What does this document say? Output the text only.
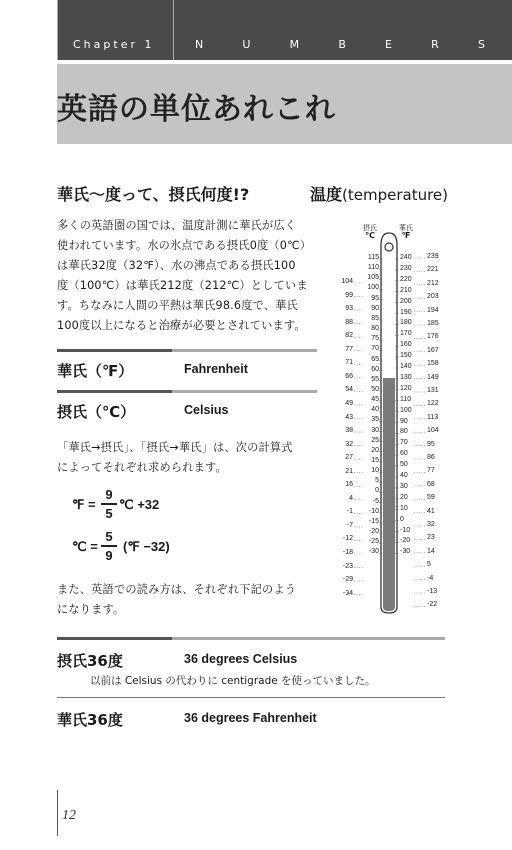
Chapter 1	N	U	M	B	E	R	S
英語の単位あれこれ
華氏〜度って、摂氏何度!?	温度(temperature)
多くの英語圏の国では、温度計測に華氏が広く
使われています。水の氷点である摂氏0度（0℃）
は華氏32度（32℉）、水の沸点である摂氏100
度（100℃）は華氏212度（212℃）としていま
す。ちなみに人間の平熱は華氏98.6度で、華氏
100度以上になると治療が必要とされています。
華氏（℉）	Fahrenheit
摂氏（℃）	Celsius
「華氏→摂氏」、「摂氏→華氏」は、次の計算式
によってそれぞれ求められます。
℉ =
9
5
℃ +32
℃ =
5
9
(℉ −32)
また、英語での読み方は、それぞれ下記のよう
になります。
摂氏36度	36 degrees Celsius
以前は Celsius の代わりに centigrade を使っていました。
華氏36度	36 degrees Fahrenheit
摂氏
℃
華氏
℉
115
110
105
100
95
90
85
80
75
70
65
60
55
50
45
40
35
30
25
20
15
10
5
0
-5
-10
-15
-20
-25
-30
240
230
220
210
200
190
180
170
160
150
140
130
120
110
100
90
80
70
60
50
40
30
20
10
0
-10
-20
-30
104
99
93
88
82
77
71
66
54
49
43
38
32
27
21
16
4
-1
-7
-12
-18
-23
-29
-34
239
221
212
203
194
185
176
167
158
149
131
122
113
104
95
86
77
68
59
41
32
23
14
5
-4
-13
-22
12
